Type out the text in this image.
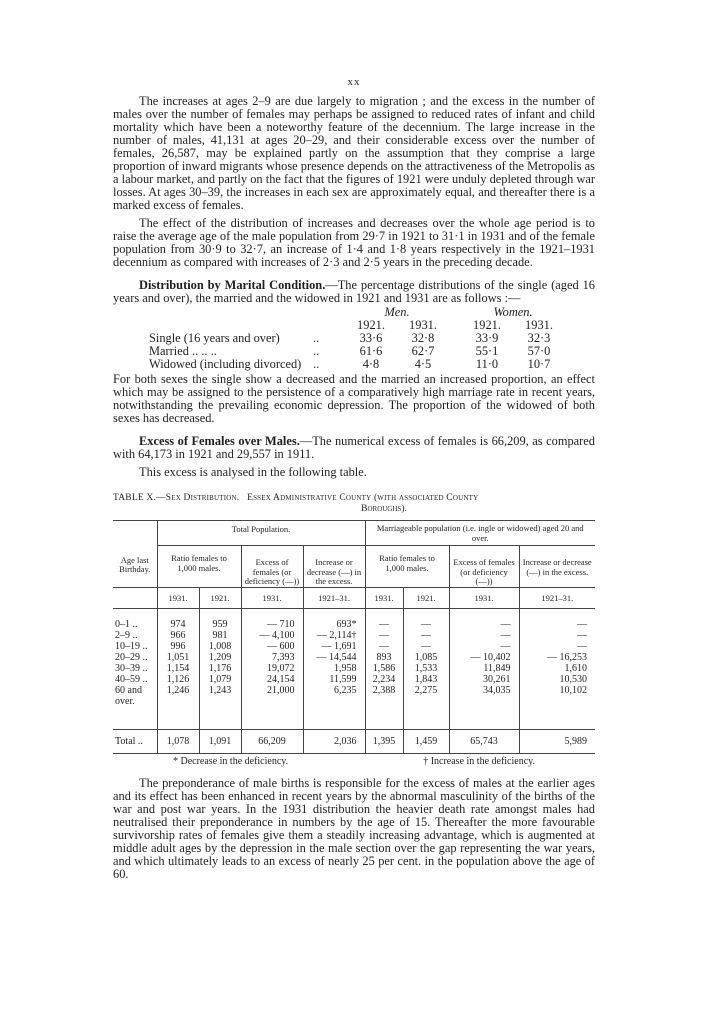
xx

The increases at ages 2–9 are due largely to migration ; and the excess in the number of males over the number of females may perhaps be assigned to reduced rates of infant and child mortality which have been a noteworthy feature of the decennium. The large increase in the number of males, 41,131 at ages 20–29, and their considerable excess over the number of females, 26,587, may be explained partly on the assumption that they comprise a large proportion of inward migrants whose presence depends on the attractiveness of the Metropolis as a labour market, and partly on the fact that the figures of 1921 were unduly depleted through war losses. At ages 30–39, the increases in each sex are approximately equal, and thereafter there is a marked excess of females.

The effect of the distribution of increases and decreases over the whole age period is to raise the average age of the male population from 29·7 in 1921 to 31·1 in 1931 and of the female population from 30·9 to 32·7, an increase of 1·4 and 1·8 years respectively in the 1921–1931 decennium as compared with increases of 2·3 and 2·5 years in the preceding decade.

Distribution by Marital Condition.—The percentage distributions of the single (aged 16 years and over), the married and the widowed in 1921 and 1931 are as follows :—

Men.	Women.
1921.	1931.	1921.	1931.
Single (16 years and over)	..	33·6	32·8	33·9	32·3
Married .. .. ..	..	61·6	62·7	55·1	57·0
Widowed (including divorced) ..	4·8	4·5	11·0	10·7

For both sexes the single show a decreased and the married an increased proportion, an effect which may be assigned to the persistence of a comparatively high marriage rate in recent years, notwithstanding the prevailing economic depression. The proportion of the widowed of both sexes has decreased.

Excess of Females over Males.—The numerical excess of females is 66,209, as compared with 64,173 in 1921 and 29,557 in 1911.

This excess is analysed in the following table.

TABLE X.—Sex Distribution. Essex Administrative County (with associated County
Boroughs).
	Total Population.				Marriageable population (i.e. ingle or widowed) aged 20 and over.			
Age last Birthday.	Ratio females to 1,000 males.		Excess of females (or deficiency (—))	Increase or decrease (—) in the excess.	Ratio females to 1,000 males.		Excess of females (or deficiency (—))	Increase or decrease (—) in the excess.
	1931.	1921.	1931.	1921–31.	1931.	1921.	1931.	1921–31.
0–1 ..	974	959	— 710	693*	—	—	—	—
2–9 ..	966	981	— 4,100	— 2,114†	—	—	—	—
10–19 ..	996	1,008	— 600	— 1,691	—	—	—	—
20–29 ..	1,051	1,209	7,393	— 14,544	893	1,085	— 10,402	— 16,253
30–39 ..	1,154	1,176	19,072	1,958	1,586	1,533	11,849	1,610
40–59 ..	1,126	1,079	24,154	11,599	2,234	1,843	30,261	10,530
60 and over.	1,246	1,243	21,000	6,235	2,388	2,275	34,035	10,102
Total ..	1,078	1,091	66,209	2,036	1,395	1,459	65,743	5,989
* Decrease in the deficiency.	† Increase in the deficiency.

The preponderance of male births is responsible for the excess of males at the earlier ages and its effect has been enhanced in recent years by the abnormal masculinity of the births of the war and post war years. In the 1931 distribution the heavier death rate amongst males had neutralised their preponderance in numbers by the age of 15. Thereafter the more favourable survivorship rates of females give them a steadily increasing advantage, which is augmented at middle adult ages by the depression in the male section over the gap representing the war years, and which ultimately leads to an excess of nearly 25 per cent. in the population above the age of 60.
